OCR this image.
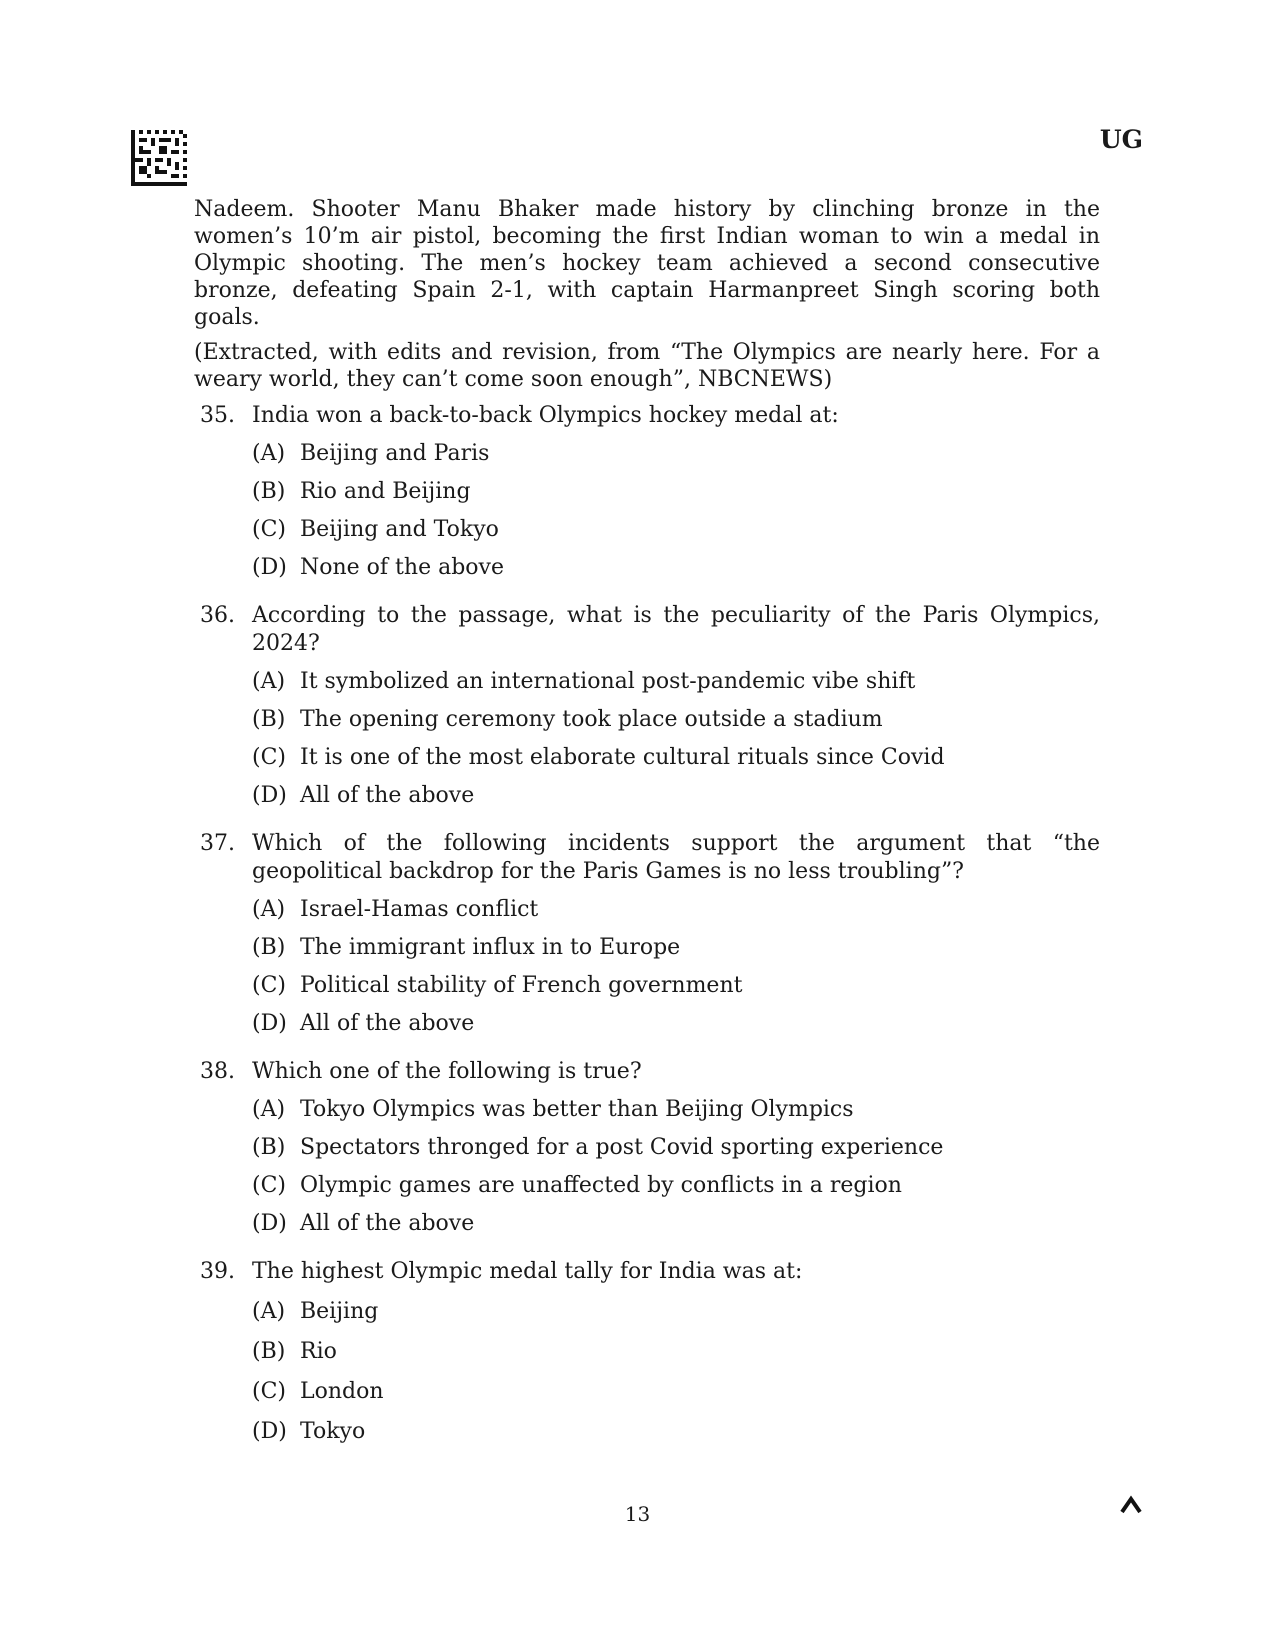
UG

Nadeem. Shooter Manu Bhaker made history by clinching bronze in the women’s 10’m air pistol, becoming the first Indian woman to win a medal in Olympic shooting. The men’s hockey team achieved a second consecutive bronze, defeating Spain 2-1, with captain Harmanpreet Singh scoring both goals.

(Extracted, with edits and revision, from “The Olympics are nearly here. For a weary world, they can’t come soon enough”, NBCNEWS)

35. India won a back-to-back Olympics hockey medal at:
(A) Beijing and Paris
(B) Rio and Beijing
(C) Beijing and Tokyo
(D) None of the above
36. According to the passage, what is the peculiarity of the Paris Olympics, 2024?
(A) It symbolized an international post-pandemic vibe shift
(B) The opening ceremony took place outside a stadium
(C) It is one of the most elaborate cultural rituals since Covid
(D) All of the above
37. Which of the following incidents support the argument that “the geopolitical backdrop for the Paris Games is no less troubling”?
(A) Israel-Hamas conflict
(B) The immigrant influx in to Europe
(C) Political stability of French government
(D) All of the above
38. Which one of the following is true?
(A) Tokyo Olympics was better than Beijing Olympics
(B) Spectators thronged for a post Covid sporting experience
(C) Olympic games are unaffected by conflicts in a region
(D) All of the above
39. The highest Olympic medal tally for India was at:
(A) Beijing
(B) Rio
(C) London
(D) Tokyo
13
